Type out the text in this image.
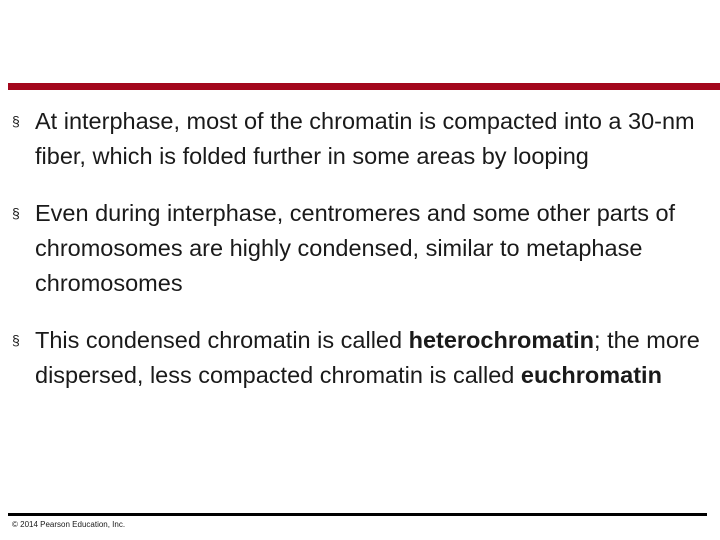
§ At interphase, most of the chromatin is compacted into a 30-nm fiber, which is folded further in some areas by looping
§ Even during interphase, centromeres and some other parts of chromosomes are highly condensed, similar to metaphase chromosomes
§ This condensed chromatin is called heterochromatin; the more dispersed, less compacted chromatin is called euchromatin
© 2014 Pearson Education, Inc.
